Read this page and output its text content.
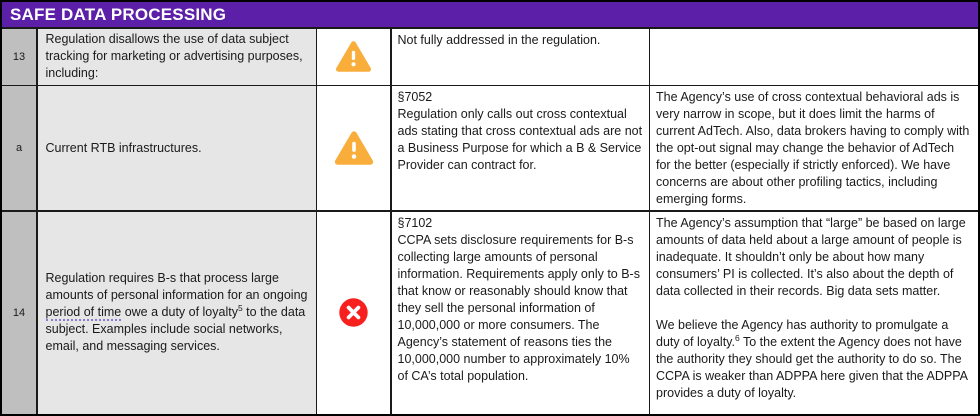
SAFE DATA PROCESSING
13
Regulation disallows the use of data subject tracking for marketing or advertising purposes, including:
Not fully addressed in the regulation.
a Current RTB infrastructures.
§7052
Regulation only calls out cross contextual ads stating that cross contextual ads are not a Business Purpose for which a B & Service Provider can contract for.
The Agency’s use of cross contextual behavioral ads is very narrow in scope, but it does limit the harms of current AdTech. Also, data brokers having to comply with the opt-out signal may change the behavior of AdTech for the better (especially if strictly enforced). We have concerns are about other profiling tactics, including emerging forms.
14
Regulation requires B-s that process large amounts of personal information for an ongoing period of time owe a duty of loyalty$^5$ to the data subject. Examples include social networks, email, and messaging services.
§7102
CCPA sets disclosure requirements for B-s collecting large amounts of personal information. Requirements apply only to B-s that know or reasonably should know that they sell the personal information of 10,000,000 or more consumers. The Agency’s statement of reasons ties the 10,000,000 number to approximately 10% of CA’s total population.
The Agency’s assumption that “large” be based on large amounts of data held about a large amount of people is inadequate. It shouldn’t only be about how many consumers’ PI is collected. It’s also about the depth of data collected in their records. Big data sets matter.
We believe the Agency has authority to promulgate a duty of loyalty.$^6$ To the extent the Agency does not have the authority they should get the authority to do so. The CCPA is weaker than ADPPA here given that the ADPPA provides a duty of loyalty.
